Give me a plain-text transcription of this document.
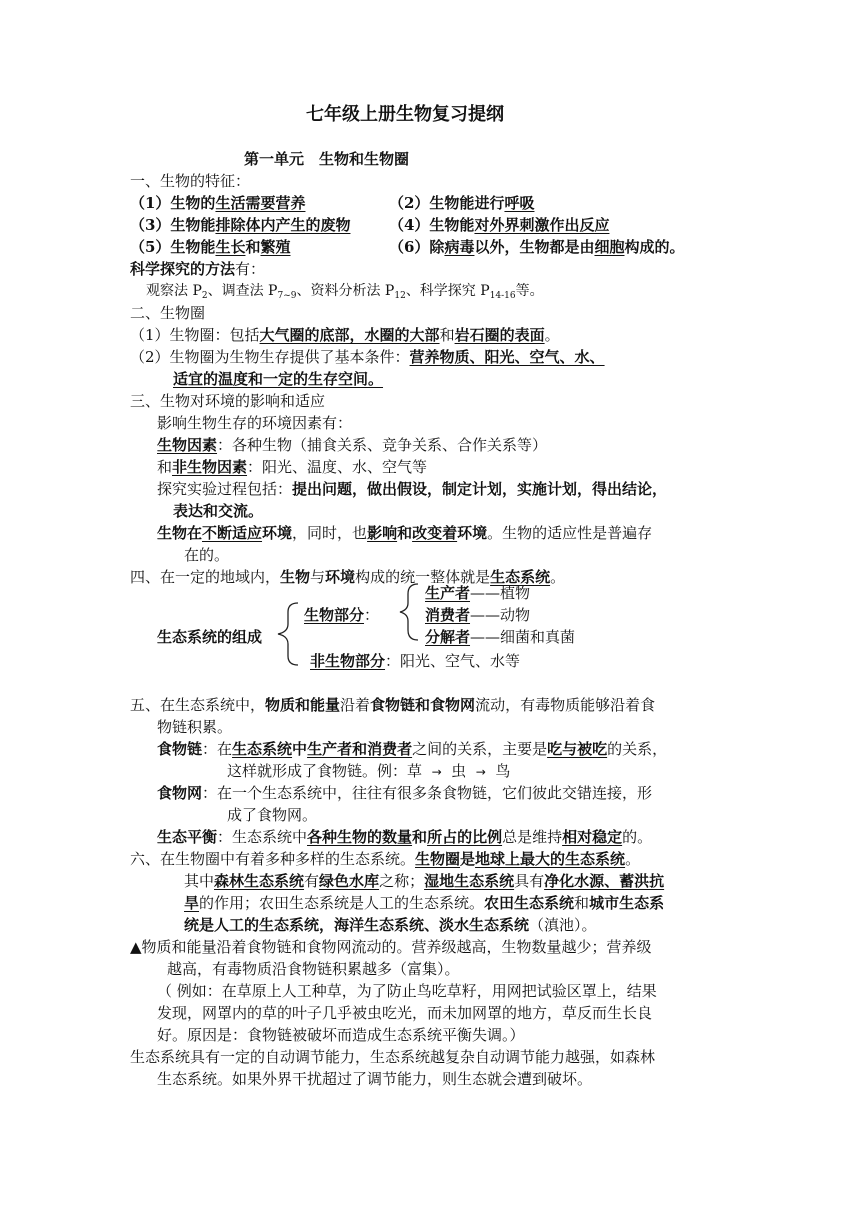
七年级上册生物复习提纲
第一单元　生物和生物圈
一、生物的特征：
（1）生物的生活需要营养	（2）生物能进行呼吸
（3）生物能排除体内产生的废物	（4）生物能对外界刺激作出反应
（5）生物能生长和繁殖	（6）除病毒以外，生物都是由细胞构成的。
科学探究的方法有：
观察法 $P_2$、调查法 $P_{7\sim 9}$、资料分析法 $P_{12}$、科学探究 $P_{14-16}$等。
二、生物圈
（1）生物圈：包括大气圈的底部，水圈的大部和岩石圈的表面。
（2）生物圈为生物生存提供了基本条件：营养物质、阳光、空气、水、
适宜的温度和一定的生存空间。
三、生物对环境的影响和适应
影响生物生存的环境因素有：
生物因素：各种生物（捕食关系、竞争关系、合作关系等）
和非生物因素：阳光、温度、水、空气等
探究实验过程包括：提出问题，做出假设，制定计划，实施计划，得出结论，
表达和交流。
生物在不断适应环境，同时，也影响和改变着环境。生物的适应性是普遍存
在的。
四、在一定的地域内，生物与环境构成的统一整体就是生态系统。
生态系统的组成
生物部分：
生产者——植物
消费者——动物
分解者——细菌和真菌
非生物部分：阳光、空气、水等
五、在生态系统中，物质和能量沿着食物链和食物网流动，有毒物质能够沿着食
物链积累。
食物链：在生态系统中生产者和消费者之间的关系，主要是吃与被吃的关系，
这样就形成了食物链。例：草 → 虫 → 鸟
食物网：在一个生态系统中，往往有很多条食物链，它们彼此交错连接，形
成了食物网。
生态平衡：生态系统中各种生物的数量和所占的比例总是维持相对稳定的。
六、在生物圈中有着多种多样的生态系统。生物圈是地球上最大的生态系统。
其中森林生态系统有绿色水库之称；湿地生态系统具有净化水源、蓄洪抗
旱的作用；农田生态系统是人工的生态系统。农田生态系统和城市生态系
统是人工的生态系统，海洋生态系统、淡水生态系统（滇池）。
▲物质和能量沿着食物链和食物网流动的。营养级越高，生物数量越少；营养级
越高，有毒物质沿食物链积累越多（富集）。
（ 例如：在草原上人工种草，为了防止鸟吃草籽，用网把试验区罩上，结果
发现，网罩内的草的叶子几乎被虫吃光，而未加网罩的地方，草反而生长良
好。原因是：食物链被破坏而造成生态系统平衡失调。）
生态系统具有一定的自动调节能力，生态系统越复杂自动调节能力越强，如森林
生态系统。如果外界干扰超过了调节能力，则生态就会遭到破坏。
